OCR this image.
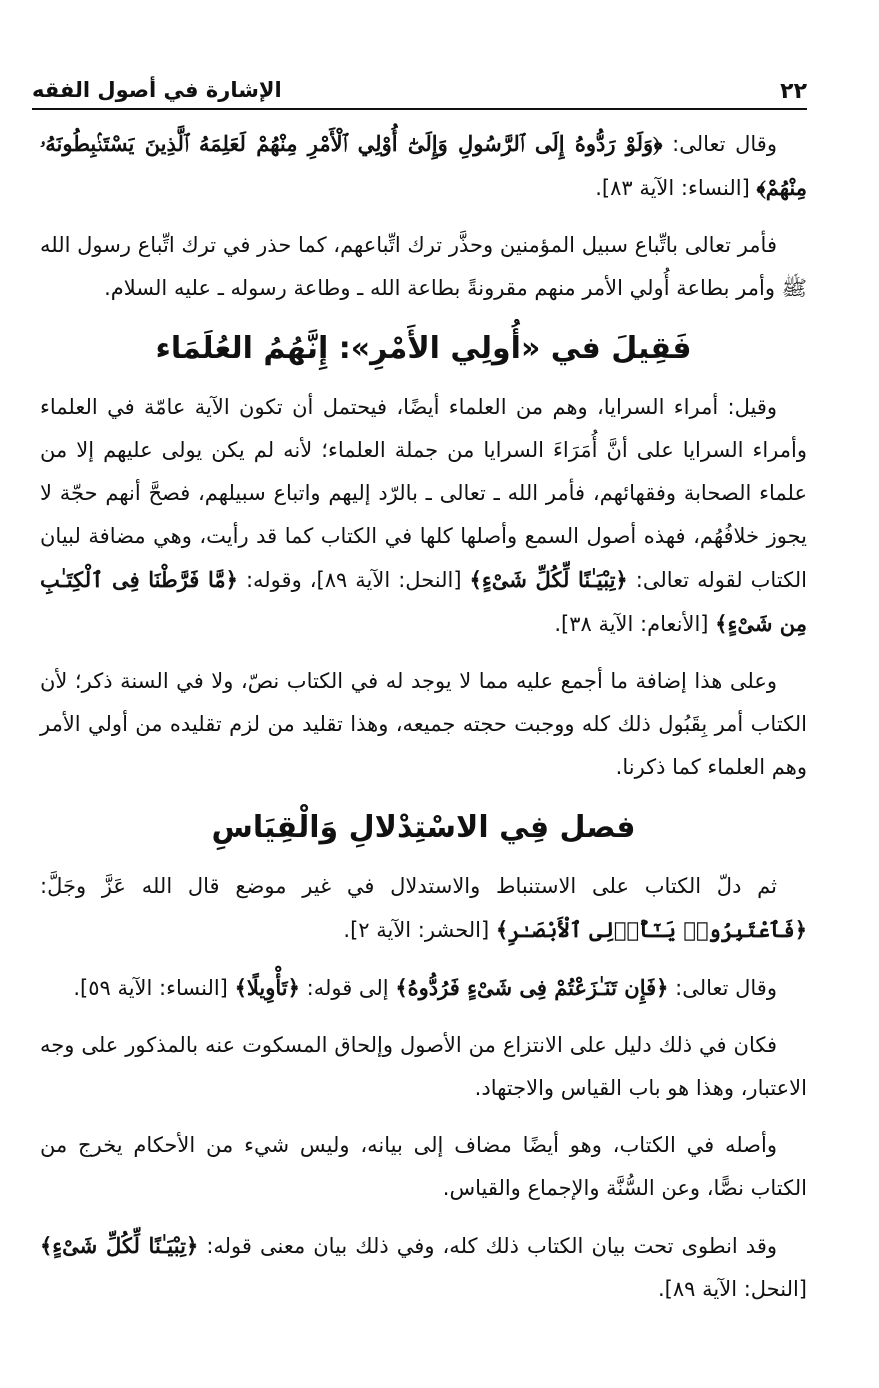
الإشارة في أصول الفقه	٢٢

وقال تعالى: ﴿وَلَوْ رَدُّوهُ إِلَى ٱلرَّسُولِ وَإِلَىٰٓ أُوْلِي ٱلْأَمْرِ مِنْهُمْ لَعَلِمَهُ ٱلَّذِينَ يَسْتَنۢبِطُونَهُۥ مِنْهُمْ﴾ [النساء: الآية ٨٣].

فأمر تعالى باتِّباع سبيل المؤمنين وحذَّر ترك اتِّباعهم، كما حذر في ترك اتِّباع رسول الله ﷺ وأمر بطاعة أُولي الأمر منهم مقرونةً بطاعة الله ـ وطاعة رسوله ـ عليه السلام.

فَقِيلَ في «أُولِي الأَمْرِ»: إِنَّهُمُ العُلَمَاء

وقيل: أمراء السرايا، وهم من العلماء أيضًا، فيحتمل أن تكون الآية عامّة في العلماء وأمراء السرايا على أنَّ أُمَرَاءَ السرايا من جملة العلماء؛ لأنه لم يكن يولى عليهم إلا من علماء الصحابة وفقهائهم، فأمر الله ـ تعالى ـ بالرّد إليهم واتباع سبيلهم، فصحَّ أنهم حجّة لا يجوز خلافُهُم، فهذه أصول السمع وأصلها كلها في الكتاب كما قد رأيت، وهي مضافة لبيان الكتاب لقوله تعالى: ﴿تِبْيَـٰنًا لِّكُلِّ شَىْءٍ﴾ [النحل: الآية ٨٩]، وقوله: ﴿مَّا فَرَّطْنَا فِى ٱلْكِتَـٰبِ مِن شَىْءٍ﴾ [الأنعام: الآية ٣٨].

وعلى هذا إضافة ما أجمع عليه مما لا يوجد له في الكتاب نصّ، ولا في السنة ذكر؛ لأن الكتاب أمر بِقَبُول ذلك كله ووجبت حجته جميعه، وهذا تقليد من لزم تقليده من أولي الأمر وهم العلماء كما ذكرنا.

فصل فِي الاسْتِدْلالِ وَالْقِيَاسِ

ثم دلّ الكتاب على الاستنباط والاستدلال في غير موضع قال الله عَزَّ وجَلَّ: ﴿فَٱعْتَبِرُوا۟ يَـٰٓأُو۟لِى ٱلْأَبْصَـٰرِ﴾ [الحشر: الآية ٢].

وقال تعالى: ﴿فَإِن تَنَـٰزَعْتُمْ فِى شَىْءٍ فَرُدُّوهُ﴾ إلى قوله: ﴿تَأْوِيلًا﴾ [النساء: الآية ٥٩].

فكان في ذلك دليل على الانتزاع من الأصول وإلحاق المسكوت عنه بالمذكور على وجه الاعتبار، وهذا هو باب القياس والاجتهاد.

وأصله في الكتاب، وهو أيضًا مضاف إلى بيانه، وليس شيء من الأحكام يخرج من الكتاب نصًّا، وعن السُّنَّة والإجماع والقياس.

وقد انطوى تحت بيان الكتاب ذلك كله، وفي ذلك بيان معنى قوله: ﴿تِبْيَـٰنًا لِّكُلِّ شَىْءٍ﴾ [النحل: الآية ٨٩].
